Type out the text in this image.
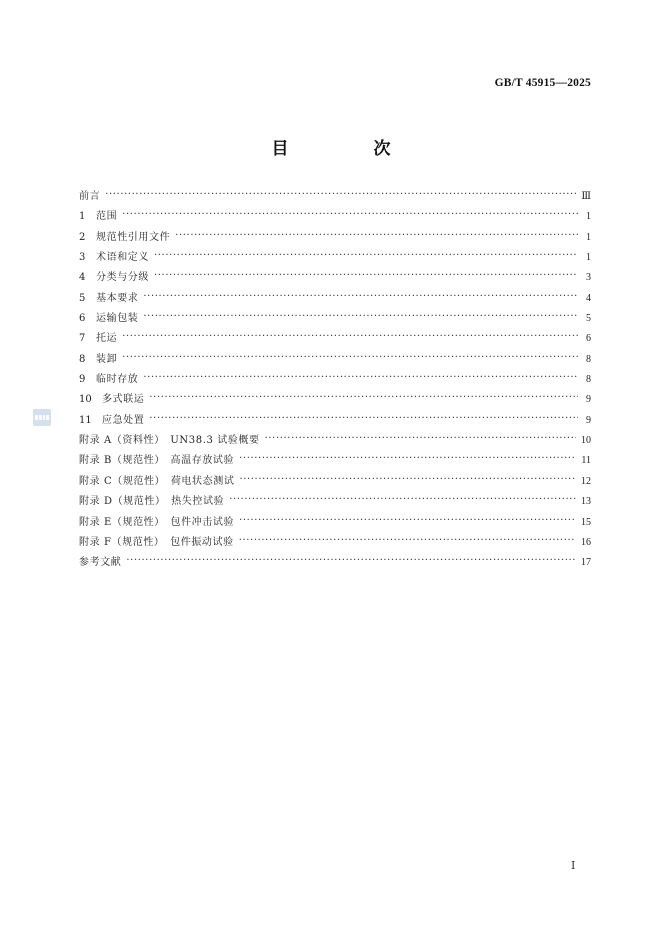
GB/T 45915—2025
目　次
前言 ·····	Ⅲ
1	范围 ·····	1
2	规范性引用文件 ·····	1
3	术语和定义 ·····	1
4	分类与分级 ·····	3
5	基本要求 ·····	4
6	运输包装 ·····	5
7	托运 ·····	6
8	装卸 ·····	8
9	临时存放 ·····	8
10	多式联运 ·····	9
11	应急处置 ·····	9
附录 A（资料性）　UN38.3 试验概要 ·····	10
附录 B（规范性）　高温存放试验 ·····	11
附录 C（规范性）　荷电状态测试 ·····	12
附录 D（规范性）　热失控试验 ·····	13
附录 E（规范性）　包件冲击试验 ·····	15
附录 F（规范性）　包件振动试验 ·····	16
参考文献 ·····	17
Ⅰ
